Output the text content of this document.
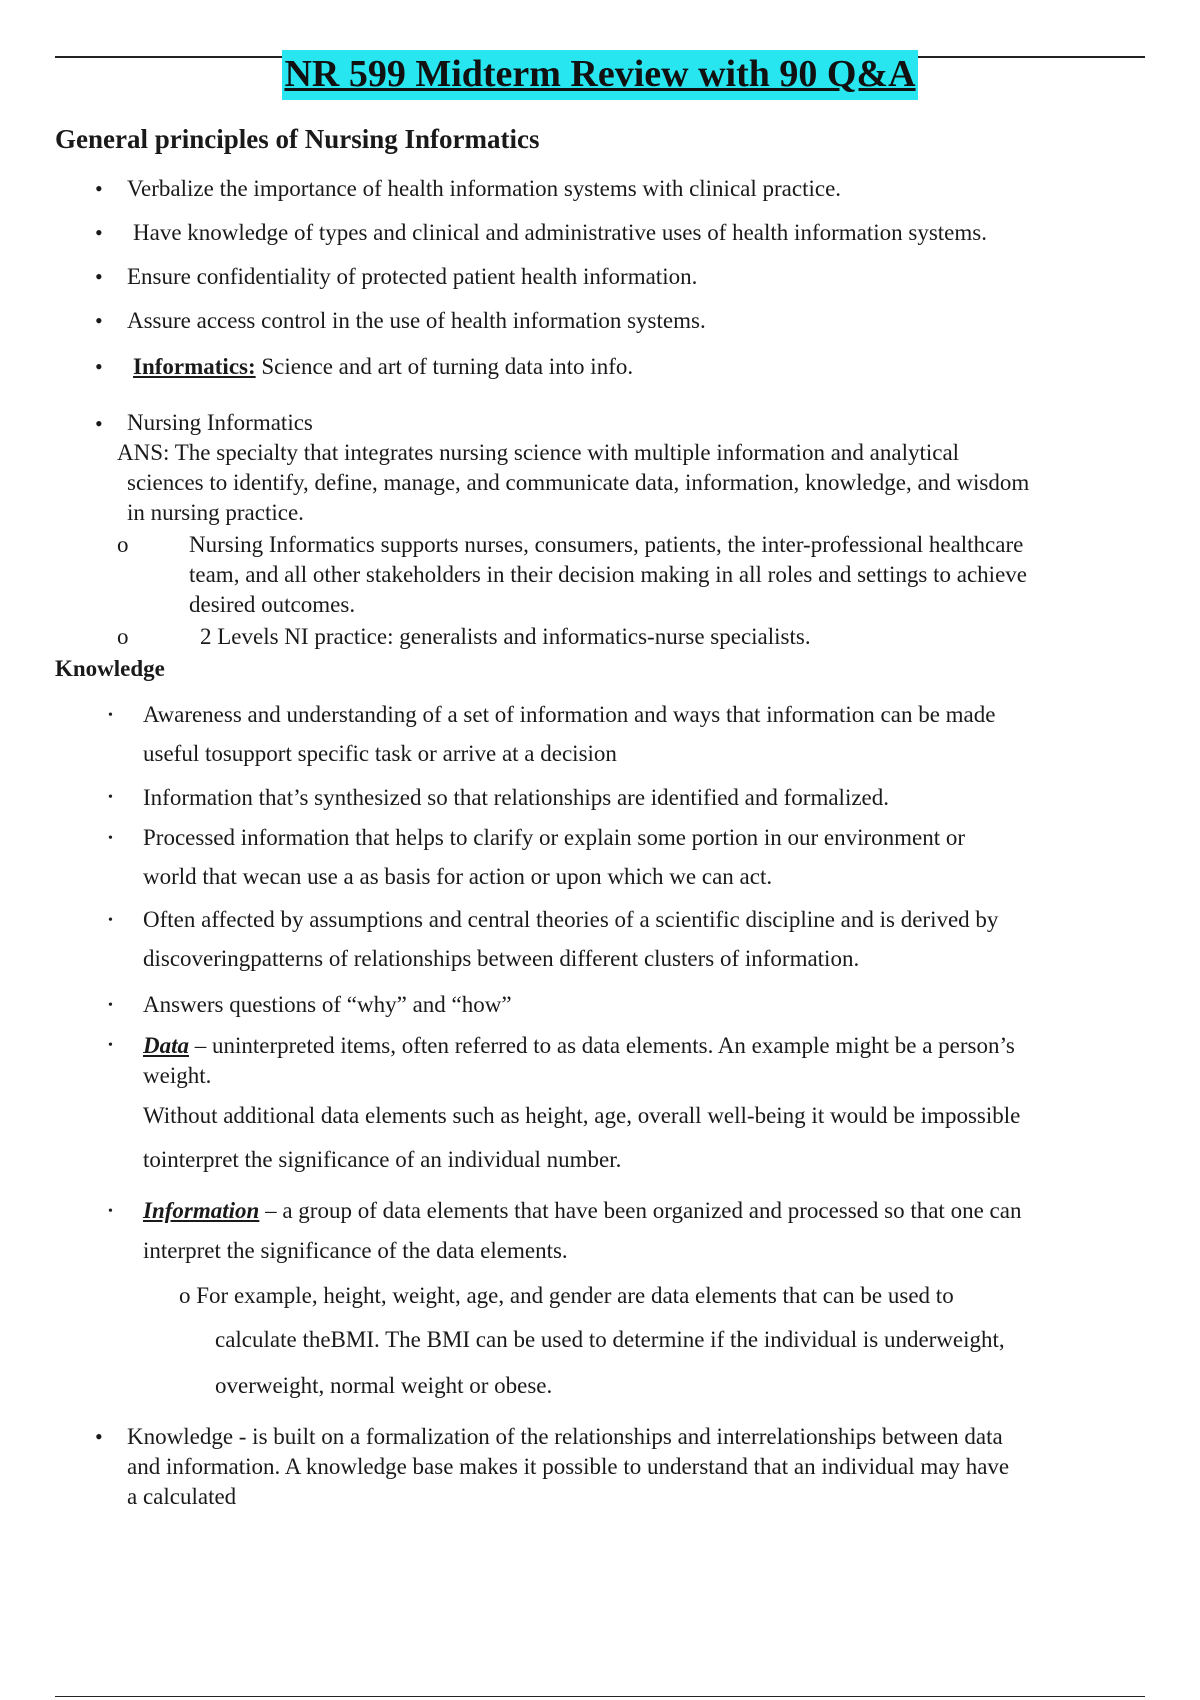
NR 599 Midterm Review with 90 Q&A
General principles of Nursing Informatics
• Verbalize the importance of health information systems with clinical practice.
• Have knowledge of types and clinical and administrative uses of health information systems.
• Ensure confidentiality of protected patient health information.
• Assure access control in the use of health information systems.
• Informatics: Science and art of turning data into info.
• Nursing Informatics
ANS: The specialty that integrates nursing science with multiple information and analytical
sciences to identify, define, manage, and communicate data, information, knowledge, and wisdom
in nursing practice.
o	Nursing Informatics supports nurses, consumers, patients, the inter-professional healthcare
team, and all other stakeholders in their decision making in all roles and settings to achieve
desired outcomes.
o	2 Levels NI practice: generalists and informatics-nurse specialists.
Knowledge
• Awareness and understanding of a set of information and ways that information can be made
useful tosupport specific task or arrive at a decision
• Information that’s synthesized so that relationships are identified and formalized.
• Processed information that helps to clarify or explain some portion in our environment or
world that wecan use a as basis for action or upon which we can act.
• Often affected by assumptions and central theories of a scientific discipline and is derived by
discoveringpatterns of relationships between different clusters of information.
• Answers questions of “why” and “how”
• Data – uninterpreted items, often referred to as data elements. An example might be a person’s
weight.
Without additional data elements such as height, age, overall well-being it would be impossible
tointerpret the significance of an individual number.
• Information – a group of data elements that have been organized and processed so that one can
interpret the significance of the data elements.
o For example, height, weight, age, and gender are data elements that can be used to
calculate theBMI. The BMI can be used to determine if the individual is underweight,
overweight, normal weight or obese.
• Knowledge - is built on a formalization of the relationships and interrelationships between data
and information. A knowledge base makes it possible to understand that an individual may have
a calculated
